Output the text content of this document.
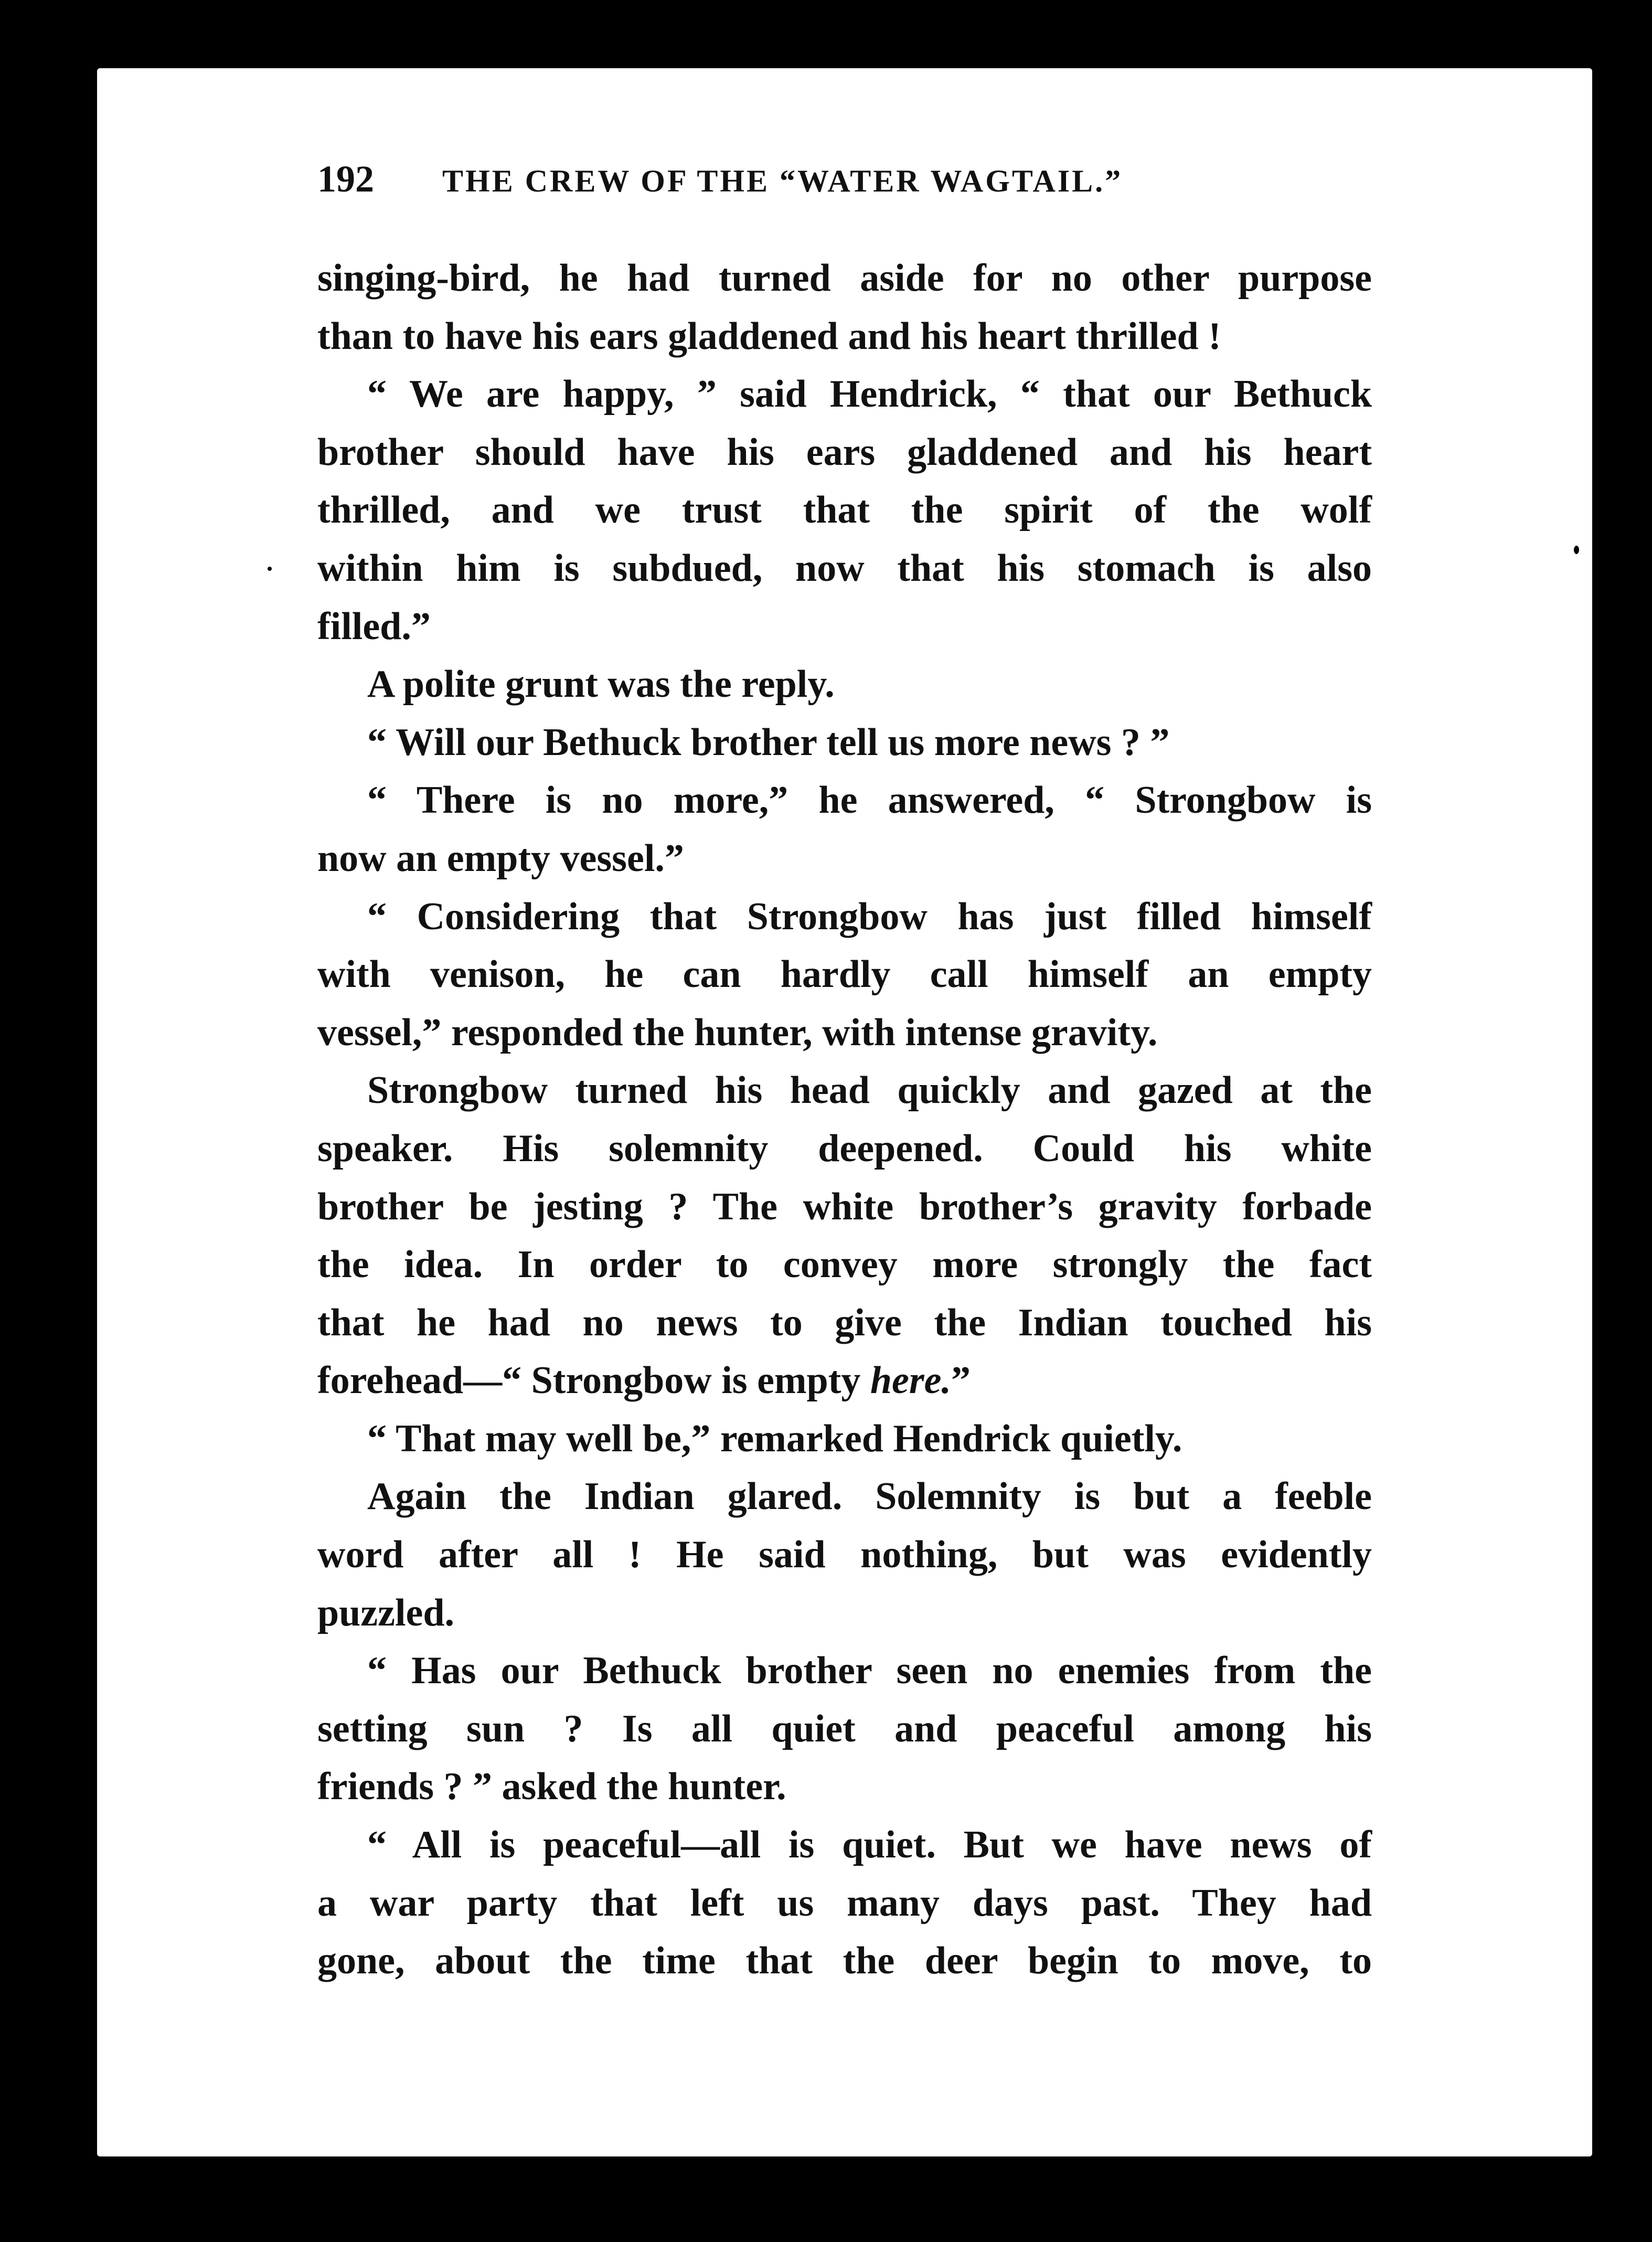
192 THE CREW OF THE “WATER WAGTAIL.”
singing-bird, he had turned aside for no other purpose
than to have his ears gladdened and his heart thrilled !
“ We are happy, ” said Hendrick, “ that our Bethuck
brother should have his ears gladdened and his heart
thrilled, and we trust that the spirit of the wolf
within him is subdued, now that his stomach is also
filled.”
A polite grunt was the reply.
“ Will our Bethuck brother tell us more news ? ”
“ There is no more,” he answered, “ Strongbow is
now an empty vessel.”
“ Considering that Strongbow has just filled himself
with venison, he can hardly call himself an empty
vessel,” responded the hunter, with intense gravity.
Strongbow turned his head quickly and gazed at the
speaker. His solemnity deepened. Could his white
brother be jesting ? The white brother’s gravity forbade
the idea. In order to convey more strongly the fact
that he had no news to give the Indian touched his
forehead—“ Strongbow is empty here.”
“ That may well be,” remarked Hendrick quietly.
Again the Indian glared. Solemnity is but a feeble
word after all ! He said nothing, but was evidently
puzzled.
“ Has our Bethuck brother seen no enemies from the
setting sun ? Is all quiet and peaceful among his
friends ? ” asked the hunter.
“ All is peaceful—all is quiet. But we have news of
a war party that left us many days past. They had
gone, about the time that the deer begin to move, to
